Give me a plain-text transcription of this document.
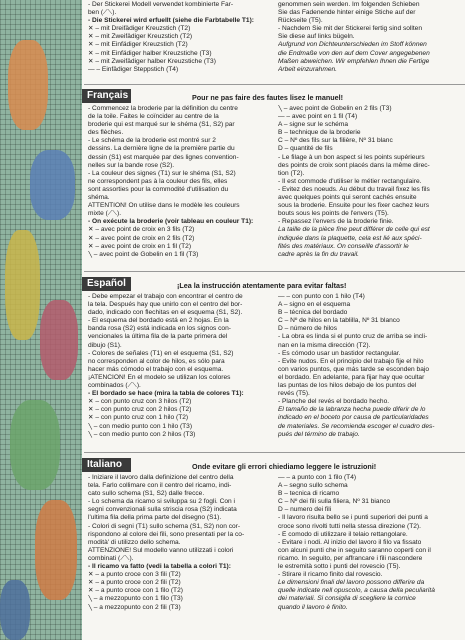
- Der Stickerei Modell verwendet kombinierte Far-
ben (⟋⟍).
- Die Stickerei wird erfuellt (siehe die Farbtabelle T1):
✕ – mit Dreifädiger Kreuzstich (T2)
✕ – mit Zweifädiger Kreuzstich (T2)
✕ – mit Einfädiger Kreuzstich (T2)
✕ – mit Einfädiger halber Kreuzstiche (T3)
✕ – mit Zweifädiger halber Kreuzstiche (T3)
— – Einfädiger Steppstich (T4)
genommen sein werden. Im folgenden Schieben
Sie das Fadenende hinter einige Stiche auf der
Rückseite (T5).
- Nachdem Sie mit der Stickerei fertig sind sollten
Sie diese auf links bügeln.
Aufgrund von Dichteunterschieden im Stoff können
die Endmaße von den auf dem Cover angegebenen
Maßen abweichen. Wir empfehlen Ihnen die Fertige
Arbeit einzurahmen.
Français	Pour ne pas faire des fautes lisez le manuel!
- Commencez la broderie par la définition du centre
de la toile. Faites le coïncider au centre de la
broderie qui est marqué sur le shéma (S1, S2) par
des flèches.
- Le schéma de la broderie est montré sur 2
dessins. La dernière ligne de la première partie du
dessin (S1) est marquée par des lignes convention-
nelles sur la bande rose (S2).
- La couleur des signes (T1) sur le shéma (S1, S2)
ne correspondent pas à la couleur des fils, elles
sont assorties pour la commodité d'utilisation du
shéma.
ATTENTION! On utilise dans le modèle les couleurs
mixte (⟋⟍).
- On exécute la broderie (voir tableau en couleur T1):
✕ – avec point de croix en 3 fils (T2)
✕ – avec point de croix en 2 fils (T2)
✕ – avec point de croix en 1 fil (T2)
╲ – avec point de Gobelin en 1 fil (T3)
╲ – avec point de Gobelin en 2 fils (T3)
— – avec point en 1 fil (T4)
A – signe sur le schéma
B – technique de la broderie
C – Nº des fils sur la filière, Nº 31 blanc
D – quantité de fils
- Le filage à un bon aspect si les points supérieurs
des points de croix sont placés dans la même direc-
tion (T2).
- Il est commode d'utiliser le métier rectangulaire.
- Evitez des noeuds. Au début du travail fixez les fils
avec quelques points qui seront cachés ensuite
sous la broderie. Ensuite pour les fixer cachez leurs
bouts sous les points de l'envers (T5).
- Repassez l'envers de la broderie finie.
La taille de la pièce fine peut différer de celle qui est
indiquée dans la plaquette, cela est lié aux spéci-
fités des matériaux. On conseille d'assortir le
cadre après la fin du travail.
Español	¡Lea la instrucción atentamente para evitar faltas!
- Debe empezar el trabajo con encontrar el centro de
la tela. Después hay que unirlo con el centro del bor-
dado, indicado con flechitas en el esquema (S1, S2).
- El esquema del bordado está en 2 hojas. En la
banda rosa (S2) está indicada en los signos con-
vencionales la última fila de la parte primera del
dibujo (S1).
- Colores de señales (T1) en el esquema (S1, S2)
no corresponden al color de hilos, es sólo para
hacer más cómodo el trabajo con el esquema.
¡ATENCIÓN! En el modelo se utilizan los colores
combinados (⟋⟍).
- El bordado se hace (mira la tabla de colores T1):
✕ – con punto cruz con 3 hilos (T2)
✕ – con punto cruz con 2 hilos (T2)
✕ – con punto cruz con 1 hilo (T2)
╲ – con medio punto con 1 hilo (T3)
╲ – con medio punto con 2 hilos (T3)
— – con punto con 1 hilo (T4)
A – signo en el esquema
B – técnica del bordado
C – Nº de hilos en la tablilla, Nº 31 blanco
D – número de hilos
- La obra es linda si el punto cruz de arriba se incli-
nan en la misma dirección (T2).
- Es cómodo usar un bastidor rectangular.
- Evite nudos. En el principio del trabajo fije el hilo
con varios puntos, que más tarde se esconden bajo
el bordado. En adelante, para fijar hay que ocultar
las puntas de los hilos debajo de los puntos del
revés (T5).
- Planche del revés el bordado hecho.
El tamaño de la labranza hecha puede diferir de lo
indicado en el boceto por causa de particularidades
de materiales. Se recomienda escoger el cuadro des-
pués del término de trabajo.
Italiano	Onde evitare gli errori chiediamo leggere le istruzioni!
- Iniziare il lavoro dalla definizione del centro della
tela. Farlo collimare con il centro del ricamo, indi-
cato sullo schema (S1, S2) dalle frecce.
- Lo schema da ricamo si sviluppa su 2 fogli. Con i
segni convenzionali sulla striscia rosa (S2) indicata
l'ultima fila della prima parte del disegno (S1).
- Colori di segni (T1) sullo schema (S1, S2) non cor-
rispondono al colore dei fili, sono presentati per la co-
modità' di utilizzo dello schema.
ATTENZIONE! Sul modello vanno utilizzati i colori
combinati (⟋⟍).
- Il ricamo va fatto (vedi la tabella a colori T1):
✕ – a punto croce con 3 fili (T2)
✕ – a punto croce con 2 fili (T2)
✕ – a punto croce con 1 filo (T2)
╲ – a mezzopunto con 1 filo (T3)
╲ – a mezzopunto con 2 fili (T3)
— – a punto con 1 filo (T4)
A – segno sullo schema
B – tecnica di ricamo
C – Nº dei fili sulla filiera, Nº 31 bianco
D – numero dei fili
- Il lavoro risulta bello se i punti superiori dei punti a
croce sono rivolti tutti nella stessa direzione (T2).
- È comodo di utilizzare il telaio rettangolare.
- Evitare i nodi. Al inizio del lavoro il filo va fissato
con alcuni punti che in seguito saranno coperti con il
ricamo. In seguito, per affrancare i fili nascondere
le estremità sotto i punti del rovescio (T5).
- Stirare il ricamo finito dal rovescio.
Le dimensioni finali del lavoro possono differire da
quelle indicate nell opuscolo, a causa della peculiarità
dei materiali. Si consiglia di scegliere la cornice
quando il lavoro è finito.
